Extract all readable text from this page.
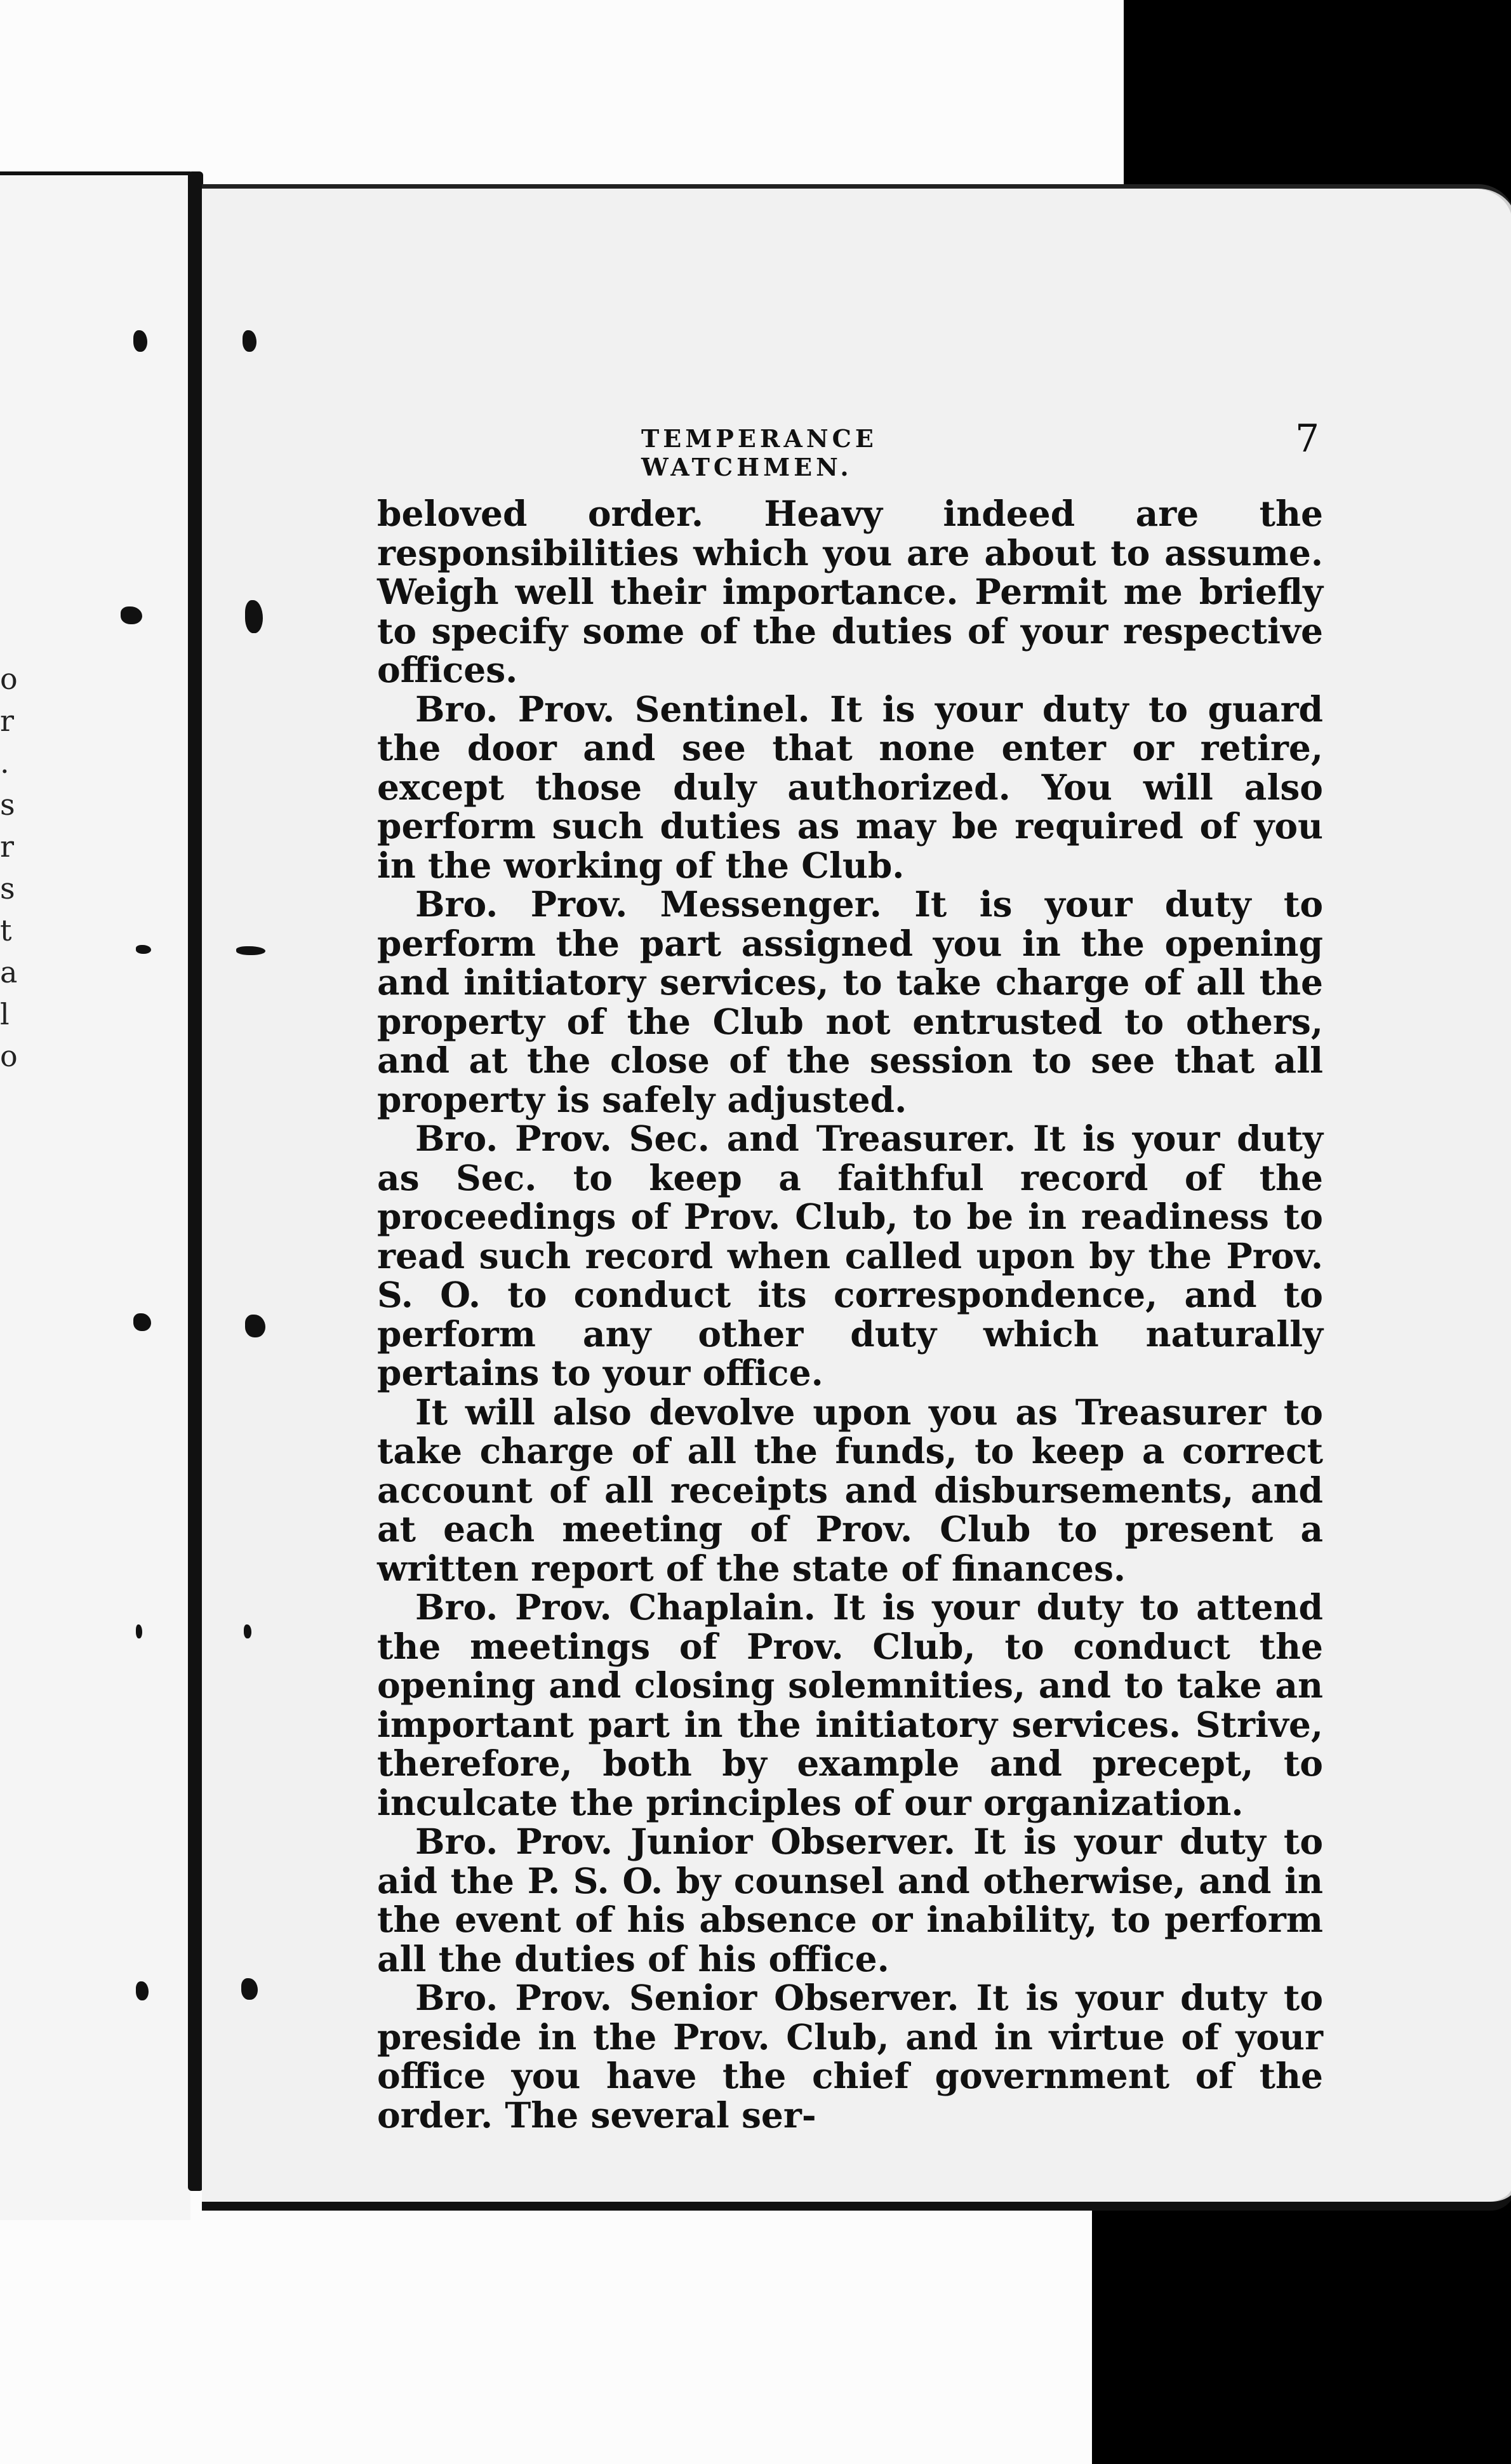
o
r
.
s
r
s
t
a
l
o
TEMPERANCE WATCHMEN.
7

beloved order. Heavy indeed are the responsibilities which you are about to assume. Weigh well their importance. Permit me briefly to specify some of the duties of your respective offices.

Bro. Prov. Sentinel. It is your duty to guard the door and see that none enter or retire, except those duly authorized. You will also perform such duties as may be required of you in the working of the Club.

Bro. Prov. Messenger. It is your duty to perform the part assigned you in the opening and initiatory services, to take charge of all the property of the Club not entrusted to others, and at the close of the session to see that all property is safely adjusted.

Bro. Prov. Sec. and Treasurer. It is your duty as Sec. to keep a faithful record of the proceedings of Prov. Club, to be in readiness to read such record when called upon by the Prov. S. O. to conduct its correspondence, and to perform any other duty which naturally pertains to your office.

It will also devolve upon you as Treasurer to take charge of all the funds, to keep a correct account of all receipts and disbursements, and at each meeting of Prov. Club to present a written report of the state of finances.

Bro. Prov. Chaplain. It is your duty to attend the meetings of Prov. Club, to conduct the opening and closing solemnities, and to take an important part in the initiatory services. Strive, therefore, both by example and precept, to inculcate the principles of our organization.

Bro. Prov. Junior Observer. It is your duty to aid the P. S. O. by counsel and otherwise, and in the event of his absence or inability, to perform all the duties of his office.

Bro. Prov. Senior Observer. It is your duty to preside in the Prov. Club, and in virtue of your office you have the chief government of the order. The several ser-
